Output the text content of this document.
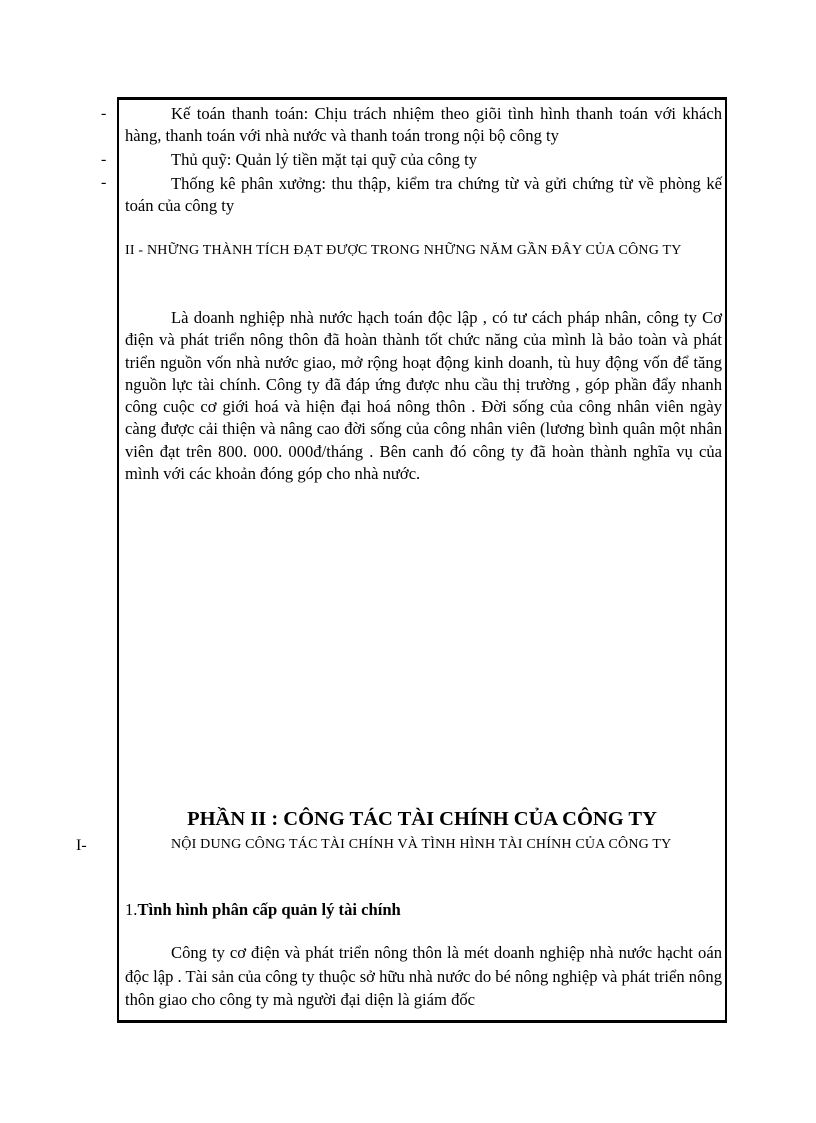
-
-
-
I-

Kế toán thanh toán: Chịu trách nhiệm theo giõi tình hình thanh toán với khách hàng, thanh toán với nhà nước và thanh toán trong nội bộ công ty

Thủ quỹ: Quản lý tiền mặt tại quỹ của công ty

Thống kê phân xưởng: thu thập, kiểm tra chứng từ và gửi chứng từ về phòng kế toán của công ty

II - NHỮNG THÀNH TÍCH ĐẠT ĐƯỢC TRONG NHỮNG NĂM GẦN ĐÂY CỦA CÔNG TY

Là doanh nghiệp nhà nước hạch toán độc lập , có tư cách pháp nhân, công ty Cơ điện và phát triển nông thôn đã hoàn thành tốt chức năng của mình là bảo toàn và phát triển nguồn vốn nhà nước giao, mở rộng hoạt động kinh doanh, tù huy động vốn để tăng nguồn lực tài chính. Công ty đã đáp ứng được nhu cầu thị trường , góp phần đẩy nhanh công cuộc cơ giới hoá và hiện đại hoá nông thôn . Đời sống của công nhân viên ngày càng được cải thiện và nâng cao đời sống của công nhân viên (lương bình quân một nhân viên đạt trên 800. 000. 000đ/tháng . Bên canh đó công ty đã hoàn thành nghĩa vụ của mình với các khoản đóng góp cho nhà nước.

PHẦN II : CÔNG TÁC TÀI CHÍNH CỦA CÔNG TY

NỘI DUNG CÔNG TÁC TÀI CHÍNH VÀ TÌNH HÌNH TÀI CHÍNH CỦA CÔNG TY

1.Tình hình phân cấp quản lý tài chính

Công ty cơ điện và phát triển nông thôn là mét doanh nghiệp nhà nước hạcht oán độc lập . Tài sản của công ty thuộc sở hữu nhà nước do bé nông nghiệp và phát triển nông thôn giao cho công ty mà người đại diện là giám đốc
